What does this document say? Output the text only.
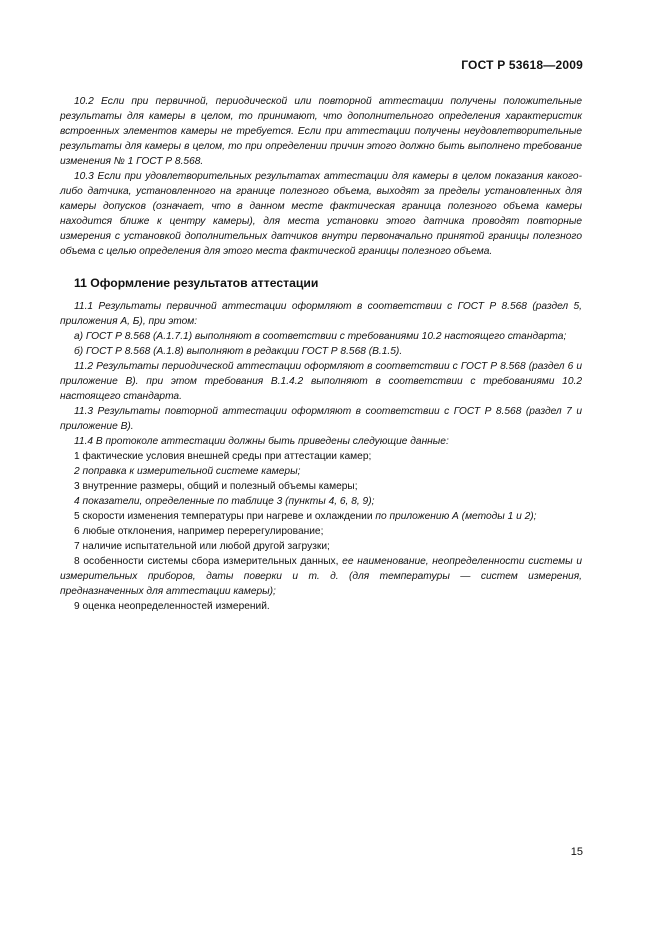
ГОСТ Р 53618—2009

10.2 Если при первичной, периодической или повторной аттестации получены положительные результаты для камеры в целом, то принимают, что дополнительного определения характеристик встроенных элементов камеры не требуется. Если при аттестации получены неудовлетворительные результаты для камеры в целом, то при определении причин этого должно быть выполнено требование изменения № 1 ГОСТ Р 8.568.

10.3 Если при удовлетворительных результатах аттестации для камеры в целом показания какого-либо датчика, установленного на границе полезного объема, выходят за пределы установленных для камеры допусков (означает, что в данном месте фактическая граница полезного объема камеры находится ближе к центру камеры), для места установки этого датчика проводят повторные измерения с установкой дополнительных датчиков внутри первоначально принятой границы полезного объема с целью определения для этого места фактической границы полезного объема.

11 Оформление результатов аттестации

11.1 Результаты первичной аттестации оформляют в соответствии с ГОСТ Р 8.568 (раздел 5, приложения А, Б), при этом:

а) ГОСТ Р 8.568 (А.1.7.1) выполняют в соответствии с требованиями 10.2 настоящего стандарта;

б) ГОСТ Р 8.568 (А.1.8) выполняют в редакции ГОСТ Р 8.568 (В.1.5).

11.2 Результаты периодической аттестации оформляют в соответствии с ГОСТ Р 8.568 (раздел 6 и приложение В). при этом требования В.1.4.2 выполняют в соответствии с требованиями 10.2 настоящего стандарта.

11.3 Результаты повторной аттестации оформляют в соответствии с ГОСТ Р 8.568 (раздел 7 и приложение В).

11.4 В протоколе аттестации должны быть приведены следующие данные:

1 фактические условия внешней среды при аттестации камер;

2 поправка к измерительной системе камеры;

3 внутренние размеры, общий и полезный объемы камеры;

4 показатели, определенные по таблице 3 (пункты 4, 6, 8, 9);

5 скорости изменения температуры при нагреве и охлаждении по приложению А (методы 1 и 2);

6 любые отклонения, например перерегулирование;

7 наличие испытательной или любой другой загрузки;

8 особенности системы сбора измерительных данных, ее наименование, неопределенности системы и измерительных приборов, даты поверки и т. д. (для температуры — систем измерения, предназначенных для аттестации камеры);

9 оценка неопределенностей измерений.

15
